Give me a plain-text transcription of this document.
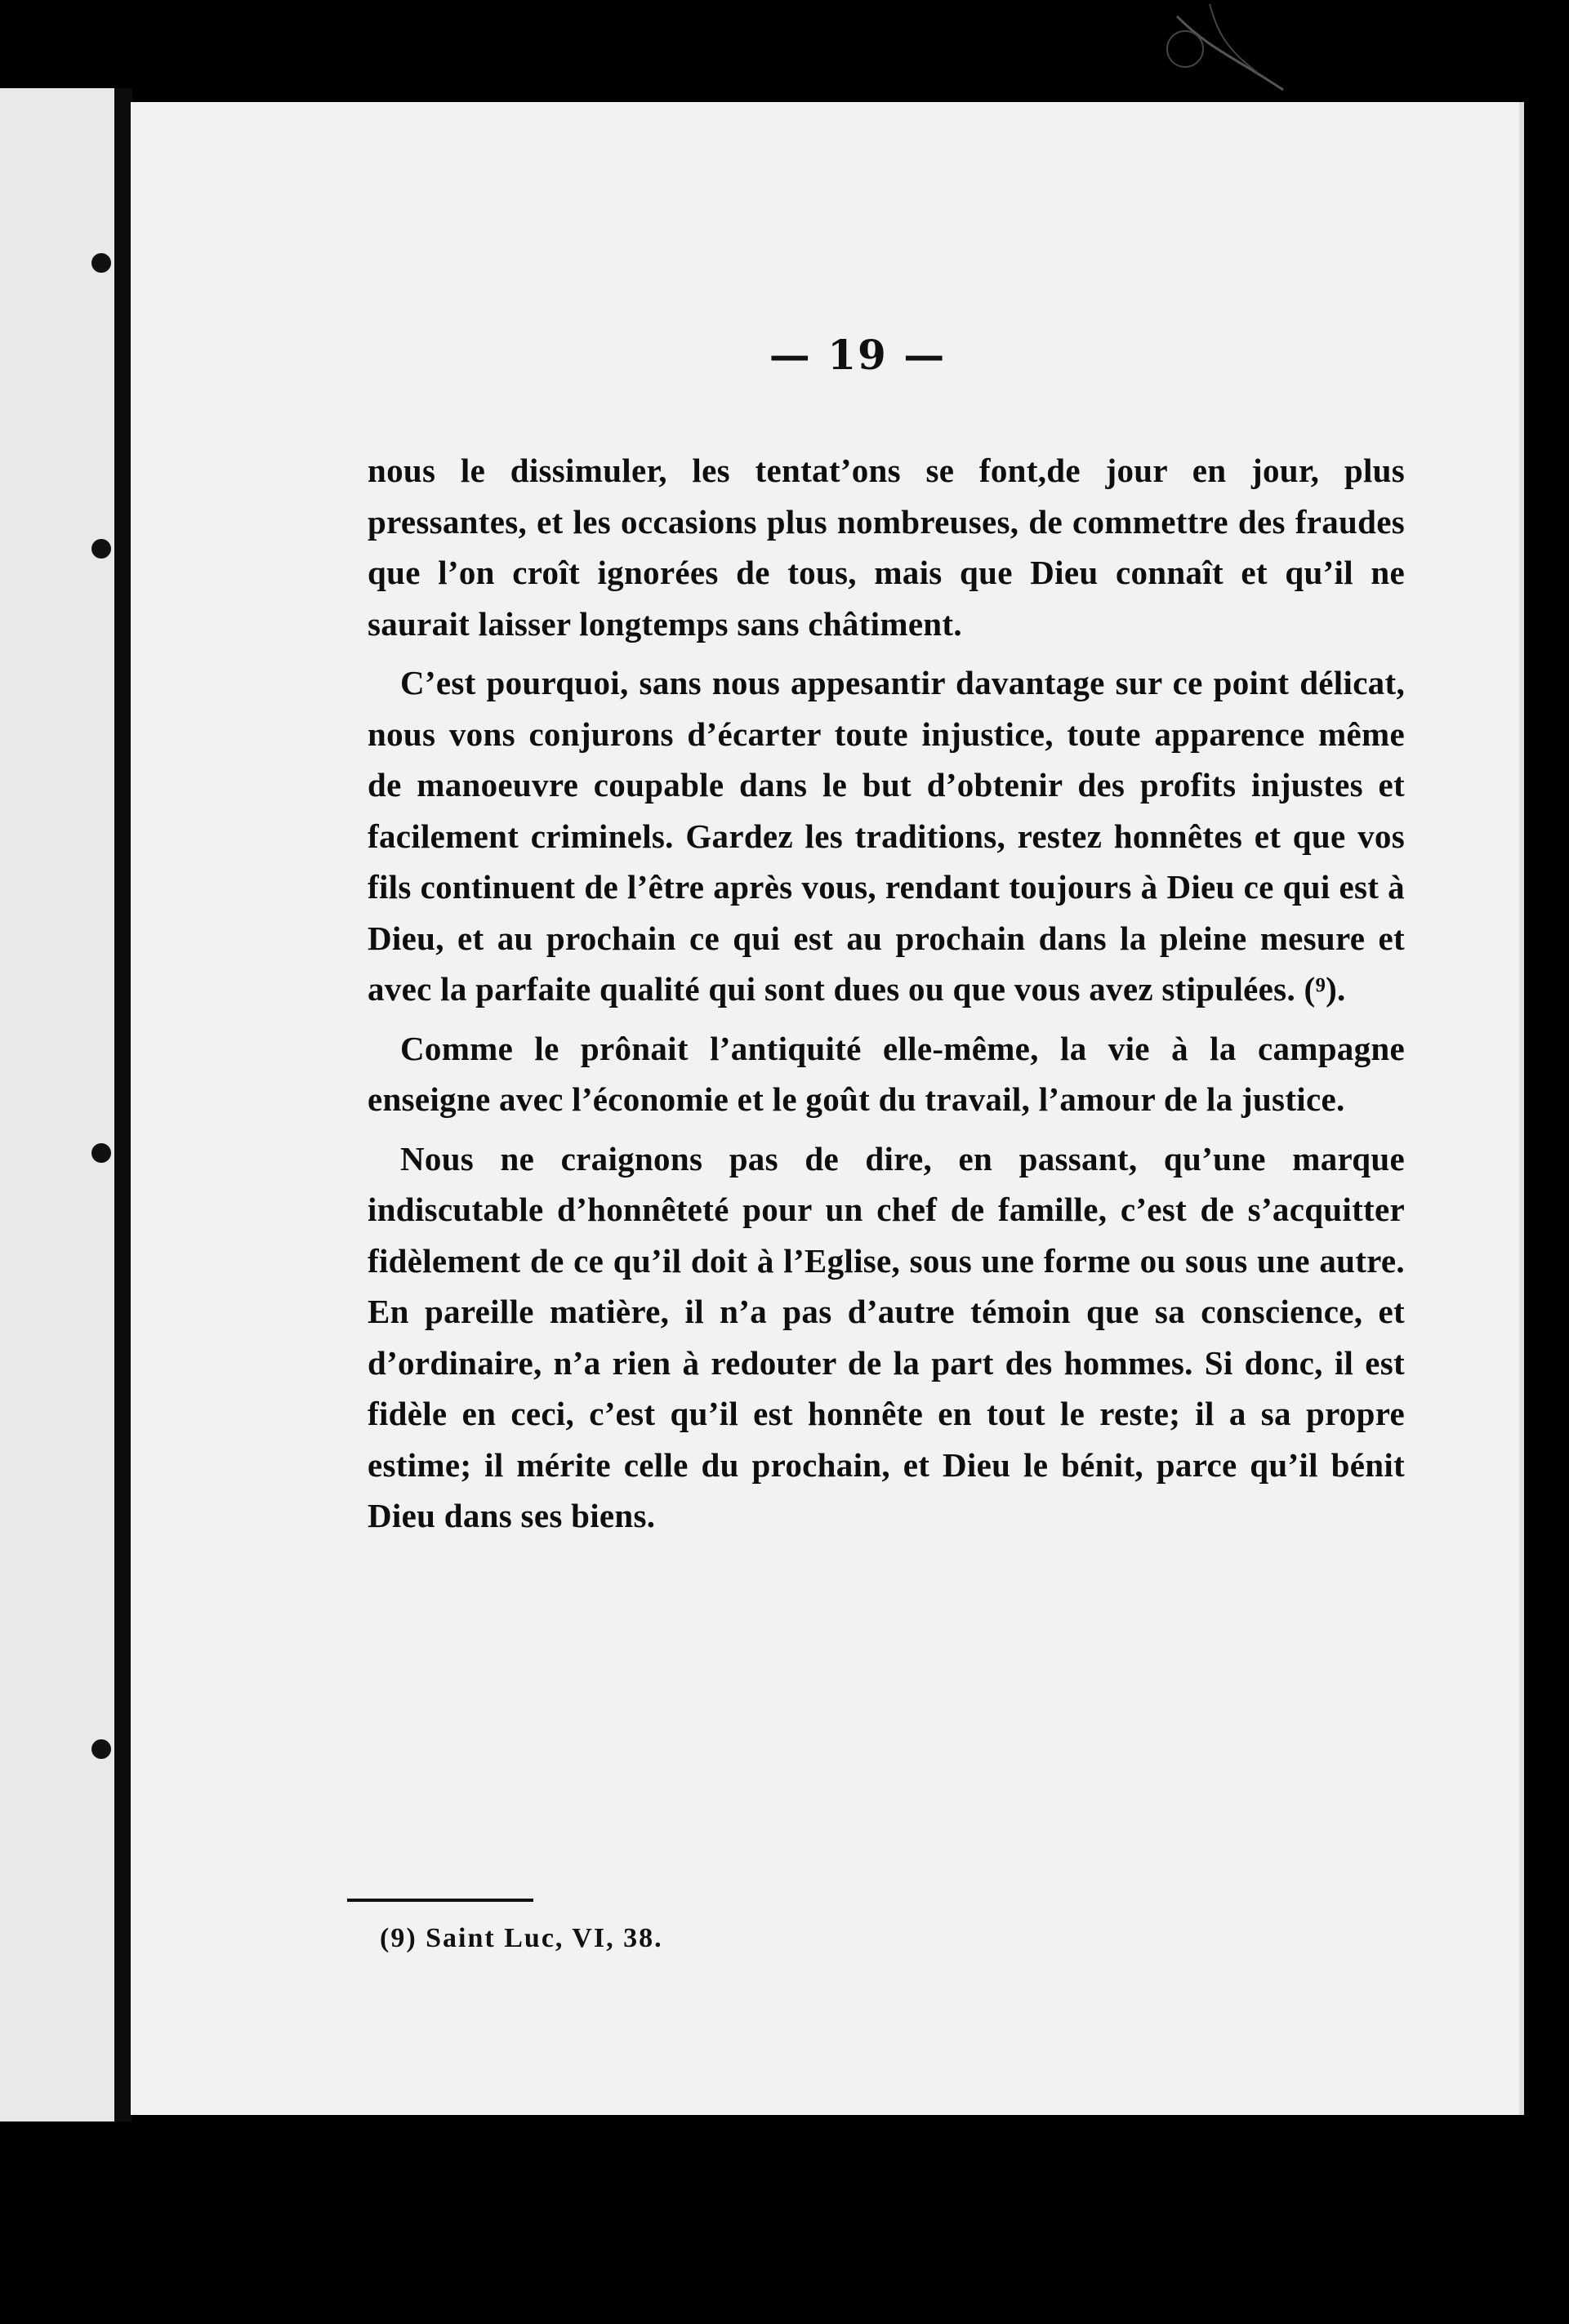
— 19 —

nous le dissimuler, les tentat’ons se font,de jour en jour, plus pressantes, et les occasions plus nombreuses, de commettre des fraudes que l’on croît ignorées de tous, mais que Dieu connaît et qu’il ne saurait laisser longtemps sans châtiment.

C’est pourquoi, sans nous appesantir davantage sur ce point délicat, nous vons conjurons d’écarter toute injustice, toute apparence même de manoeuvre coupable dans le but d’obtenir des profits injustes et facilement criminels. Gardez les traditions, restez honnêtes et que vos fils continuent de l’être après vous, rendant toujours à Dieu ce qui est à Dieu, et au prochain ce qui est au prochain dans la pleine mesure et avec la parfaite qualité qui sont dues ou que vous avez stipulées. (⁹).

Comme le prônait l’antiquité elle-même, la vie à la campagne enseigne avec l’économie et le goût du travail, l’amour de la justice.

Nous ne craignons pas de dire, en passant, qu’une marque indiscutable d’honnêteté pour un chef de famille, c’est de s’acquitter fidèlement de ce qu’il doit à l’Eglise, sous une forme ou sous une autre. En pareille matière, il n’a pas d’autre témoin que sa conscience, et d’ordinaire, n’a rien à redouter de la part des hommes. Si donc, il est fidèle en ceci, c’est qu’il est honnête en tout le reste; il a sa propre estime; il mérite celle du prochain, et Dieu le bénit, parce qu’il bénit Dieu dans ses biens.

(9) Saint Luc, VI, 38.
